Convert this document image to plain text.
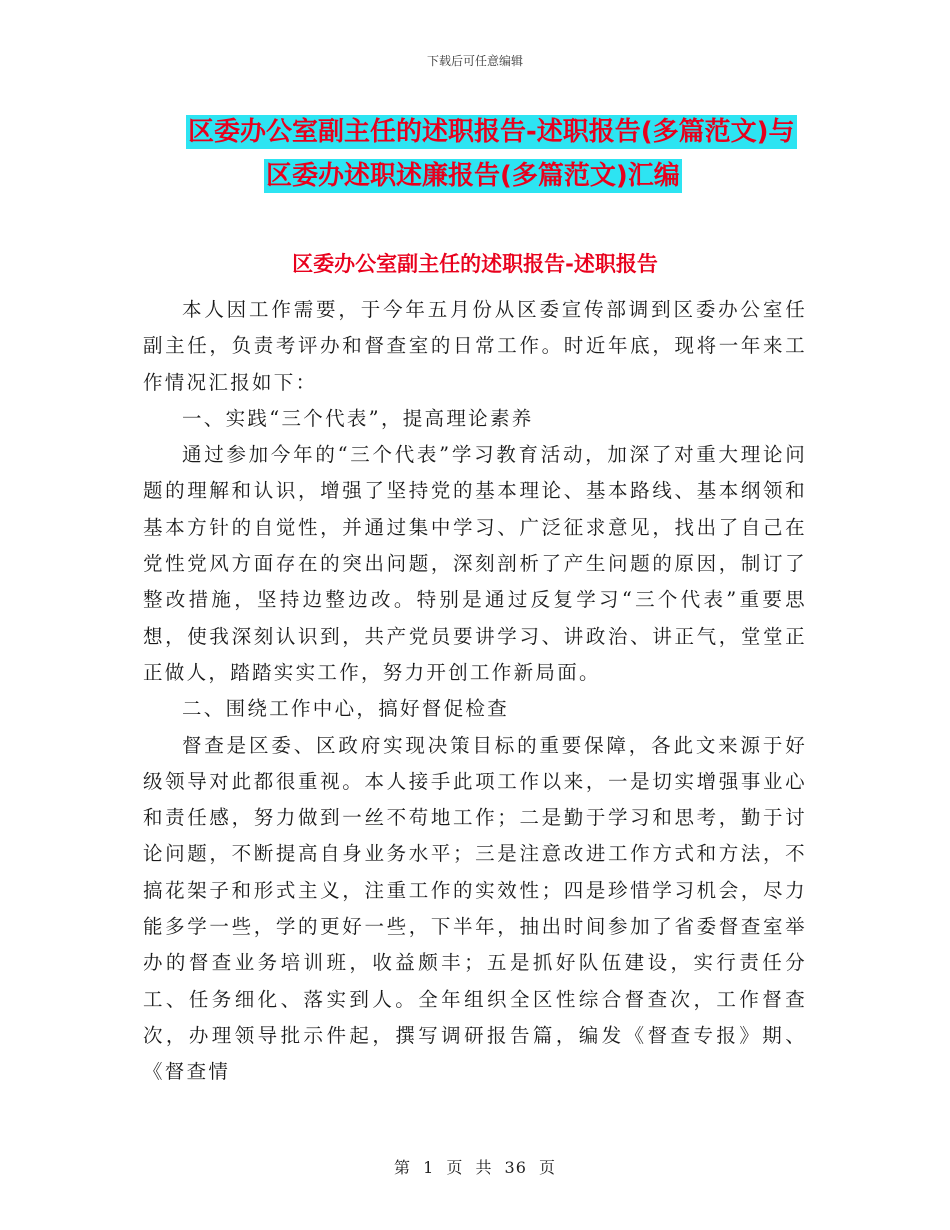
下载后可任意编辑
区委办公室副主任的述职报告-述职报告(多篇范文)与
区委办述职述廉报告(多篇范文)汇编
区委办公室副主任的述职报告-述职报告

本人因工作需要，于今年五月份从区委宣传部调到区委办公室任副主任，负责考评办和督查室的日常工作。时近年底，现将一年来工作情况汇报如下：

一、实践“三个代表”，提高理论素养

通过参加今年的“三个代表”学习教育活动，加深了对重大理论问题的理解和认识，增强了坚持党的基本理论、基本路线、基本纲领和基本方针的自觉性，并通过集中学习、广泛征求意见，找出了自己在党性党风方面存在的突出问题，深刻剖析了产生问题的原因，制订了整改措施，坚持边整边改。特别是通过反复学习“三个代表”重要思想，使我深刻认识到，共产党员要讲学习、讲政治、讲正气，堂堂正正做人，踏踏实实工作，努力开创工作新局面。

二、围绕工作中心，搞好督促检查

督查是区委、区政府实现决策目标的重要保障，各此文来源于好级领导对此都很重视。本人接手此项工作以来，一是切实增强事业心和责任感，努力做到一丝不苟地工作；二是勤于学习和思考，勤于讨论问题，不断提高自身业务水平；三是注意改进工作方式和方法，不搞花架子和形式主义，注重工作的实效性；四是珍惜学习机会，尽力能多学一些，学的更好一些，下半年，抽出时间参加了省委督查室举办的督查业务培训班，收益颇丰；五是抓好队伍建设，实行责任分工、任务细化、落实到人。全年组织全区性综合督查次，工作督查次，办理领导批示件起，撰写调研报告篇，编发《督查专报》期、《督查情

第 1 页 共 36 页
